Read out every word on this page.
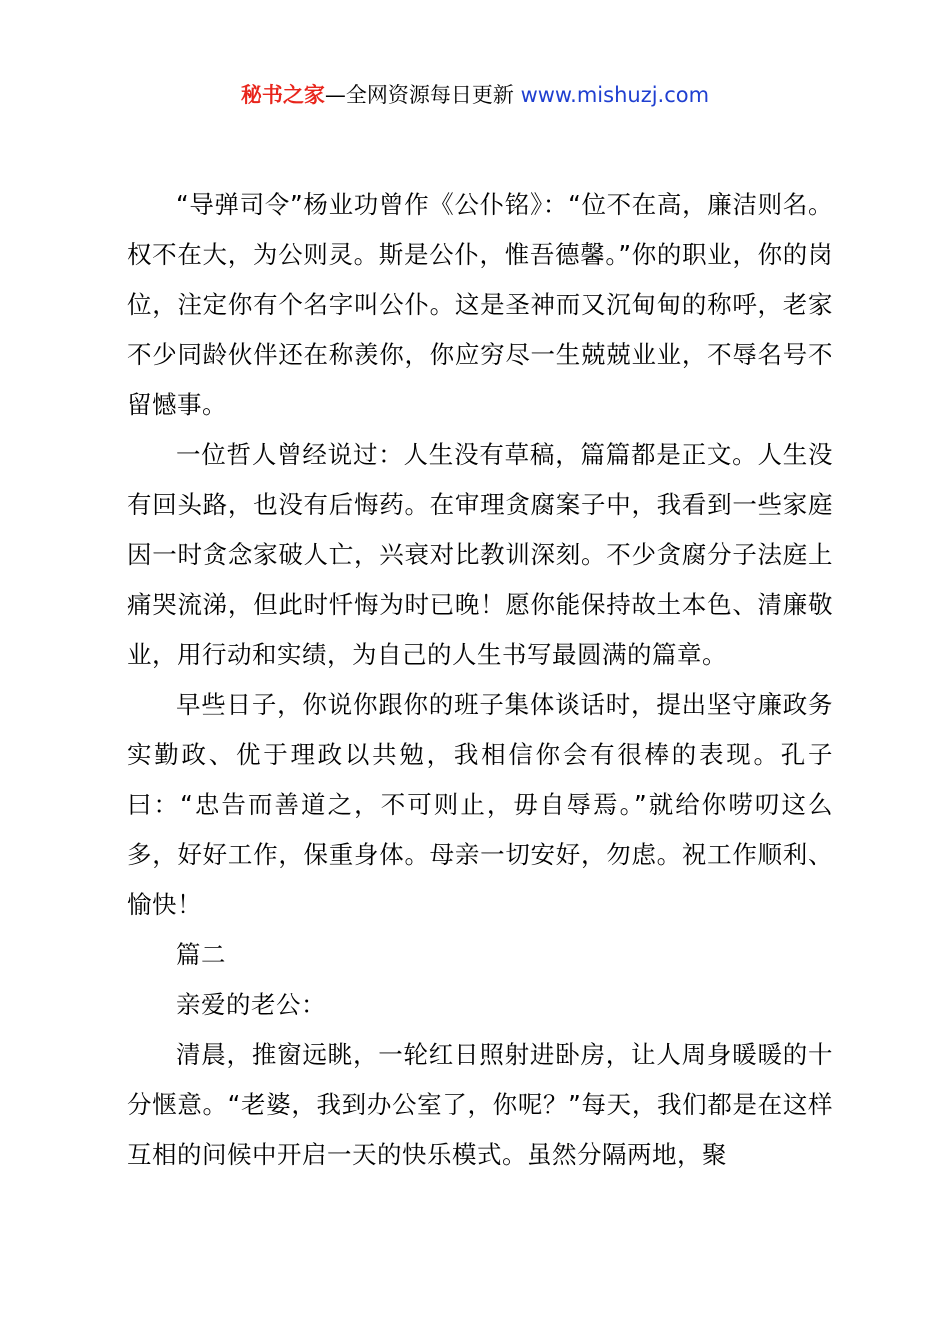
秘书之家—全网资源每日更新 www.mishuzj.com

“导弹司令”杨业功曾作《公仆铭》：“位不在高，廉洁则名。权不在大，为公则灵。斯是公仆，惟吾德馨。”你的职业，你的岗位，注定你有个名字叫公仆。这是圣神而又沉甸甸的称呼，老家不少同龄伙伴还在称羡你，你应穷尽一生兢兢业业，不辱名号不留憾事。

一位哲人曾经说过：人生没有草稿，篇篇都是正文。人生没有回头路，也没有后悔药。在审理贪腐案子中，我看到一些家庭因一时贪念家破人亡，兴衰对比教训深刻。不少贪腐分子法庭上痛哭流涕，但此时忏悔为时已晚！愿你能保持故土本色、清廉敬业，用行动和实绩，为自己的人生书写最圆满的篇章。

早些日子，你说你跟你的班子集体谈话时，提出坚守廉政务实勤政、优于理政以共勉，我相信你会有很棒的表现。孔子曰：“忠告而善道之，不可则止，毋自辱焉。”就给你唠叨这么多，好好工作，保重身体。母亲一切安好，勿虑。祝工作顺利、愉快！

篇二

亲爱的老公：

清晨，推窗远眺，一轮红日照射进卧房，让人周身暖暖的十分惬意。“老婆，我到办公室了，你呢？”每天，我们都是在这样互相的问候中开启一天的快乐模式。虽然分隔两地，聚
